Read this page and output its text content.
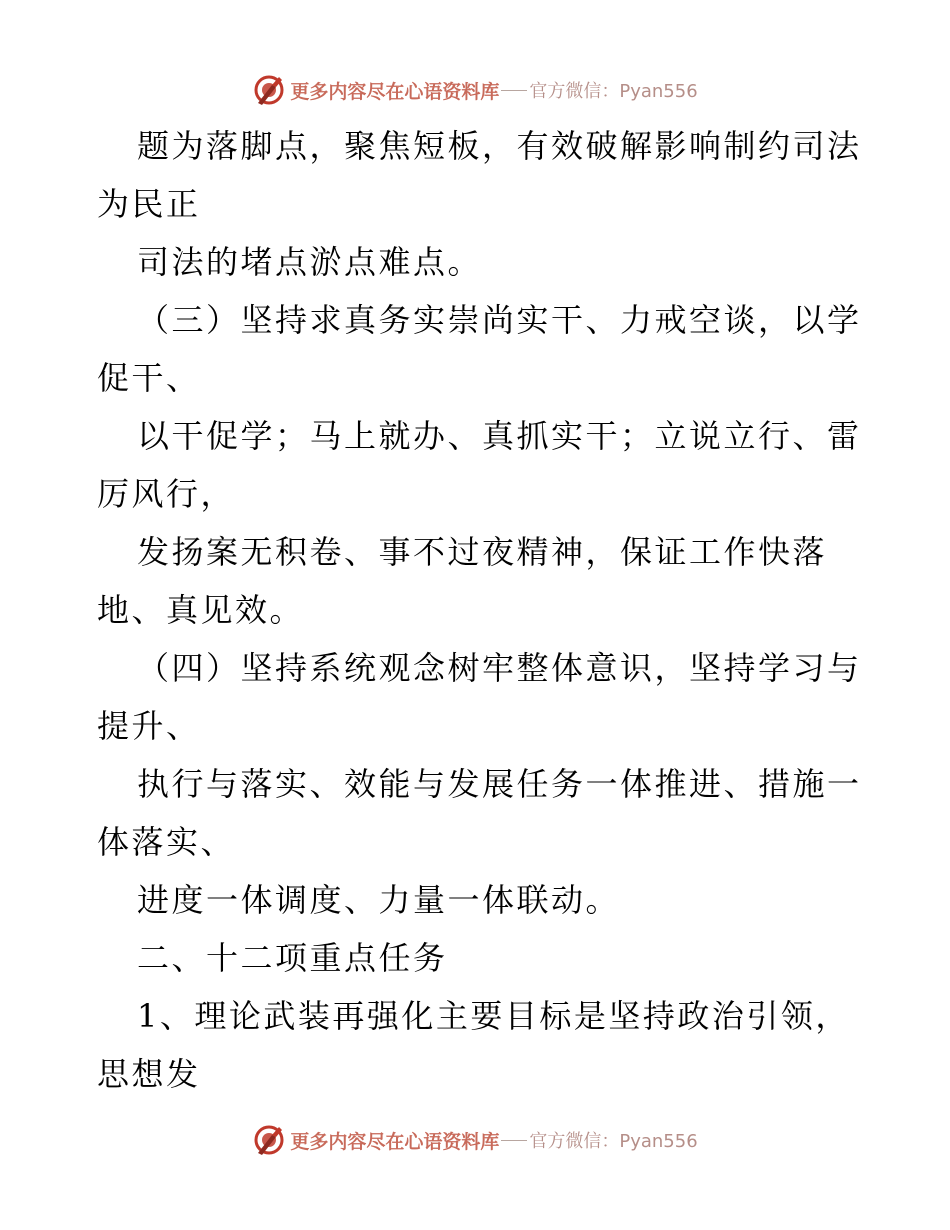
更多内容尽在心语资料库 官方微信：Pyan556
题为落脚点，聚焦短板，有效破解影响制约司法
为民正
司法的堵点淤点难点。
（三）坚持求真务实崇尚实干、力戒空谈，以学
促干、
以干促学；马上就办、真抓实干；立说立行、雷
厉风行，
发扬案无积卷、事不过夜精神，保证工作快落
地、真见效。
（四）坚持系统观念树牢整体意识，坚持学习与
提升、
执行与落实、效能与发展任务一体推进、措施一
体落实、
进度一体调度、力量一体联动。
二、十二项重点任务
1、理论武装再强化主要目标是坚持政治引领，
思想发
更多内容尽在心语资料库 官方微信：Pyan556
